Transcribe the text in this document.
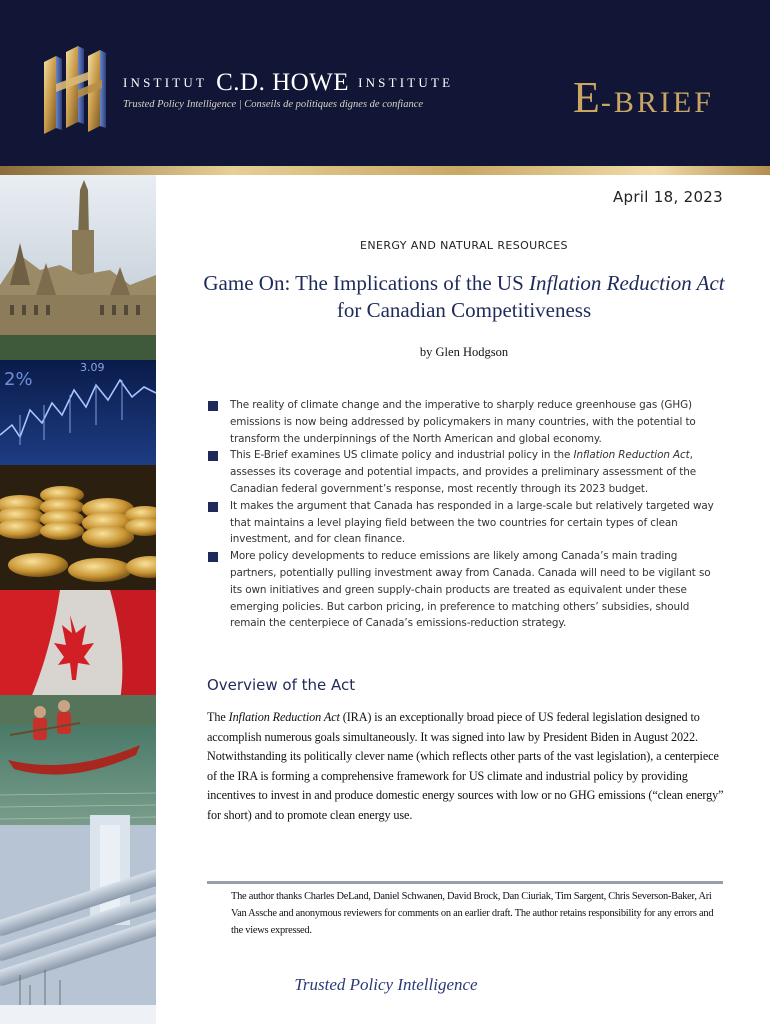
INSTITUT C.D. HOWE INSTITUTE
Trusted Policy Intelligence | Conseils de politiques dignes de confiance	E-BRIEF
2%
3.09
April 18, 2023
ENERGY AND NATURAL RESOURCES
Game On: The Implications of the US Inflation Reduction Act
for Canadian Competitiveness
by Glen Hodgson
The reality of climate change and the imperative to sharply reduce greenhouse gas (GHG) emissions is now being addressed by policymakers in many countries, with the potential to transform the underpinnings of the North American and global economy.
This E-Brief examines US climate policy and industrial policy in the Inflation Reduction Act, assesses its coverage and potential impacts, and provides a preliminary assessment of the Canadian federal government’s response, most recently through its 2023 budget.
It makes the argument that Canada has responded in a large-scale but relatively targeted way that maintains a level playing field between the two countries for certain types of clean investment, and for clean finance.
More policy developments to reduce emissions are likely among Canada’s main trading partners, potentially pulling investment away from Canada. Canada will need to be vigilant so its own initiatives and green supply-chain products are treated as equivalent under these emerging policies. But carbon pricing, in preference to matching others’ subsidies, should remain the centerpiece of Canada’s emissions-reduction strategy.
Overview of the Act
The Inflation Reduction Act (IRA) is an exceptionally broad piece of US federal legislation designed to accomplish numerous goals simultaneously. It was signed into law by President Biden in August 2022. Notwithstanding its politically clever name (which reflects other parts of the vast legislation), a centerpiece of the IRA is forming a comprehensive framework for US climate and industrial policy by providing incentives to invest in and produce domestic energy sources with low or no GHG emissions (“clean energy” for short) and to promote clean energy use.
The author thanks Charles DeLand, Daniel Schwanen, David Brock, Dan Ciuriak, Tim Sargent, Chris Severson-Baker, Ari Van Assche and anonymous reviewers for comments on an earlier draft. The author retains responsibility for any errors and the views expressed.
Trusted Policy Intelligence
